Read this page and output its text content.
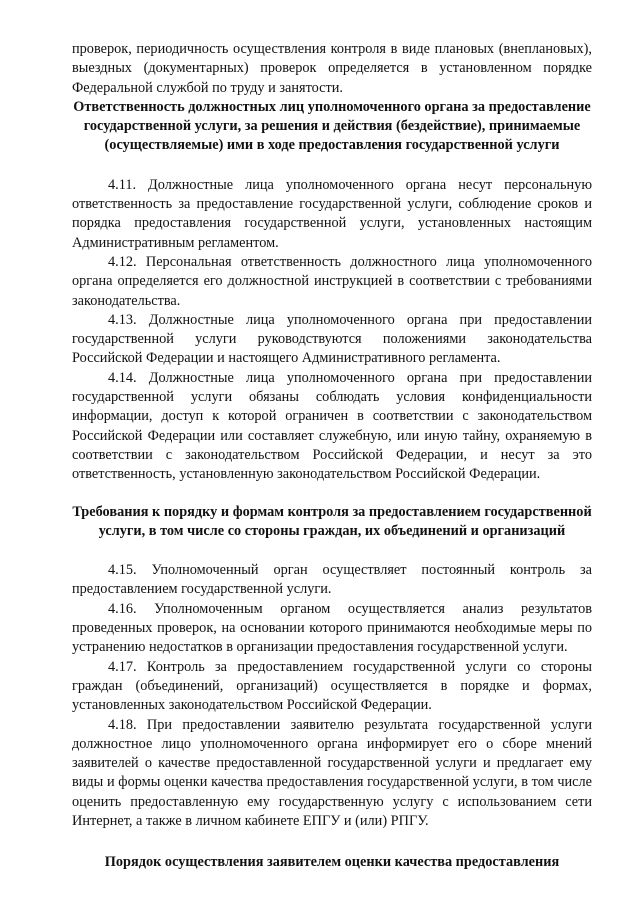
проверок, периодичность осуществления контроля в виде плановых (внеплановых), выездных (документарных) проверок определяется в установленном порядке Федеральной службой по труду и занятости.

Ответственность должностных лиц уполномоченного органа за предоставление государственной услуги, за решения и действия (бездействие), принимаемые (осуществляемые) ими в ходе предоставления государственной услуги

4.11. Должностные лица уполномоченного органа несут персональную ответственность за предоставление государственной услуги, соблюдение сроков и порядка предоставления государственной услуги, установленных настоящим Административным регламентом.

4.12. Персональная ответственность должностного лица уполномоченного органа определяется его должностной инструкцией в соответствии с требованиями законодательства.

4.13. Должностные лица уполномоченного органа при предоставлении государственной услуги руководствуются положениями законодательства Российской Федерации и настоящего Административного регламента.

4.14. Должностные лица уполномоченного органа при предоставлении государственной услуги обязаны соблюдать условия конфиденциальности информации, доступ к которой ограничен в соответствии с законодательством Российской Федерации или составляет служебную, или иную тайну, охраняемую в соответствии с законодательством Российской Федерации, и несут за это ответственность, установленную законодательством Российской Федерации.

Требования к порядку и формам контроля за предоставлением государственной услуги, в том числе со стороны граждан, их объединений и организаций

4.15. Уполномоченный орган осуществляет постоянный контроль за предоставлением государственной услуги.

4.16. Уполномоченным органом осуществляется анализ результатов проведенных проверок, на основании которого принимаются необходимые меры по устранению недостатков в организации предоставления государственной услуги.

4.17. Контроль за предоставлением государственной услуги со стороны граждан (объединений, организаций) осуществляется в порядке и формах, установленных законодательством Российской Федерации.

4.18. При предоставлении заявителю результата государственной услуги должностное лицо уполномоченного органа информирует его о сборе мнений заявителей о качестве предоставленной государственной услуги и предлагает ему виды и формы оценки качества предоставления государственной услуги, в том числе оценить предоставленную ему государственную услугу с использованием сети Интернет, а также в личном кабинете ЕПГУ и (или) РПГУ.

Порядок осуществления заявителем оценки качества предоставления
